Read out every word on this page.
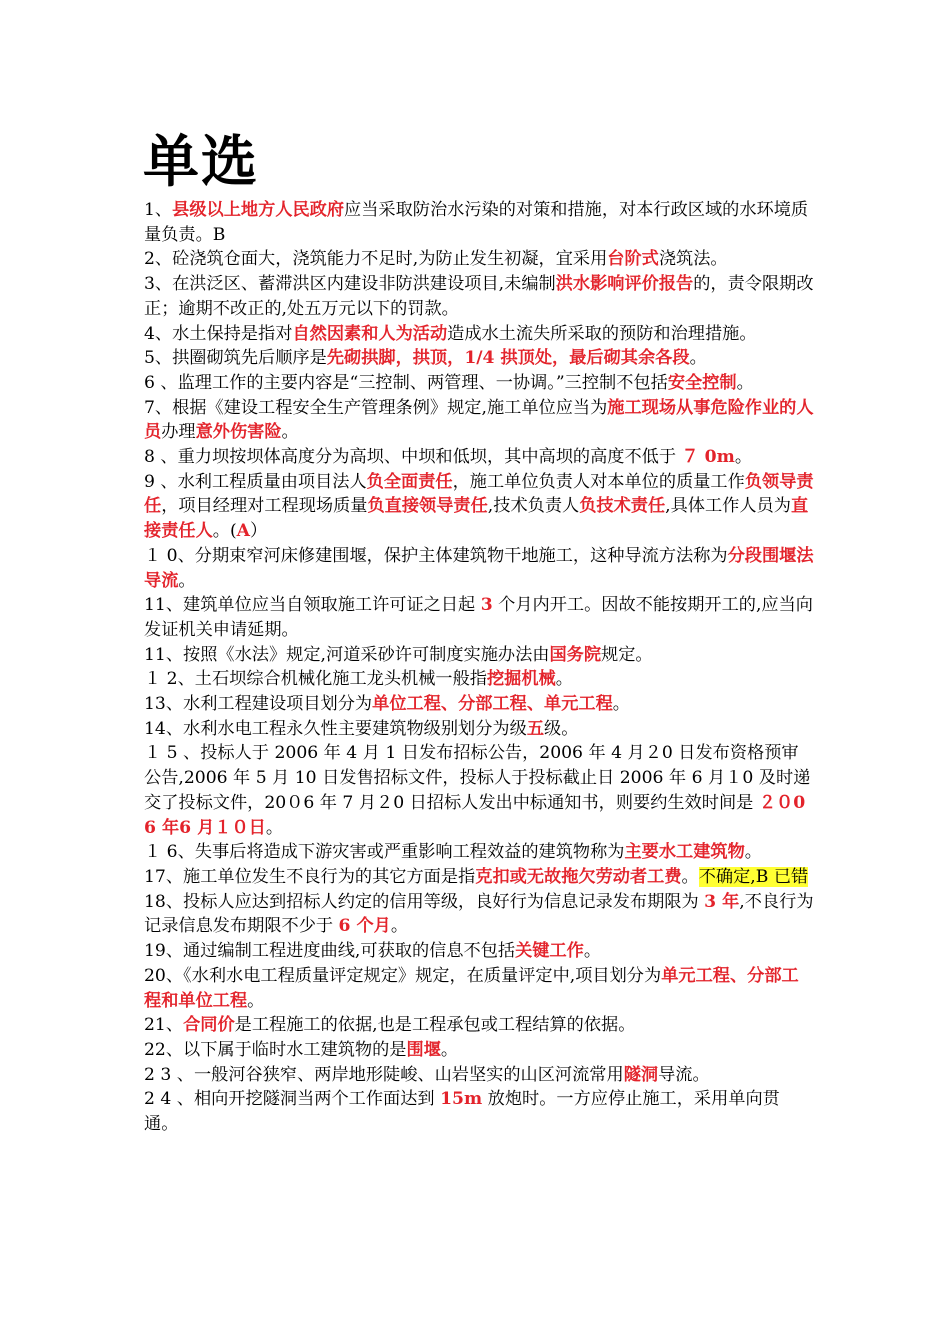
单选

1、县级以上地方人民政府应当采取防治水污染的对策和措施，对本行政区域的水环境质量负责。B

2、砼浇筑仓面大，浇筑能力不足时,为防止发生初凝，宜采用台阶式浇筑法。

3、在洪泛区、蓄滞洪区内建设非防洪建设项目,未编制洪水影响评价报告的，责令限期改正；逾期不改正的,处五万元以下的罚款。

4、水土保持是指对自然因素和人为活动造成水土流失所采取的预防和治理措施。

5、拱圈砌筑先后顺序是先砌拱脚，拱顶，1/4 拱顶处，最后砌其余各段。

6 、监理工作的主要内容是“三控制、两管理、一协调。”三控制不包括安全控制。

7、根据《建设工程安全生产管理条例》规定,施工单位应当为施工现场从事危险作业的人员办理意外伤害险。

8 、重力坝按坝体高度分为高坝、中坝和低坝，其中高坝的高度不低于 ７ 0m。

9 、水利工程质量由项目法人负全面责任，施工单位负责人对本单位的质量工作负领导责任，项目经理对工程现场质量负直接领导责任,技术负责人负技术责任,具体工作人员为直接责任人。(A）

１ 0、分期束窄河床修建围堰，保护主体建筑物干地施工，这种导流方法称为分段围堰法导流。

11、建筑单位应当自领取施工许可证之日起 3 个月内开工。因故不能按期开工的,应当向发证机关申请延期。

11、按照《水法》规定,河道采砂许可制度实施办法由国务院规定。

１ 2、土石坝综合机械化施工龙头机械一般指挖掘机械。

13、水利工程建设项目划分为单位工程、分部工程、单元工程。

14、水利水电工程永久性主要建筑物级别划分为级五级。

１ 5 、投标人于 2006 年 4 月 1 日发布招标公告，2006 年 4 月２0 日发布资格预审公告,2006 年 5 月 10 日发售招标文件，投标人于投标截止日 2006 年 6 月１0 及时递交了投标文件，20０6 年 7 月２0 日招标人发出中标通知书，则要约生效时间是 ２０06 年6 月１０日。

１ 6、失事后将造成下游灾害或严重影响工程效益的建筑物称为主要水工建筑物。

17、施工单位发生不良行为的其它方面是指克扣或无故拖欠劳动者工费。不确定,B 已错

18、投标人应达到招标人约定的信用等级，良好行为信息记录发布期限为 3 年,不良行为记录信息发布期限不少于 6 个月。

19、通过编制工程进度曲线,可获取的信息不包括关键工作。

20、《水利水电工程质量评定规定》规定，在质量评定中,项目划分为单元工程、分部工程和单位工程。

21、合同价是工程施工的依据,也是工程承包或工程结算的依据。

22、以下属于临时水工建筑物的是围堰。

2 3 、一般河谷狭窄、两岸地形陡峻、山岩坚实的山区河流常用隧洞导流。

2 4 、相向开挖隧洞当两个工作面达到 15m 放炮时。一方应停止施工，采用单向贯通。
